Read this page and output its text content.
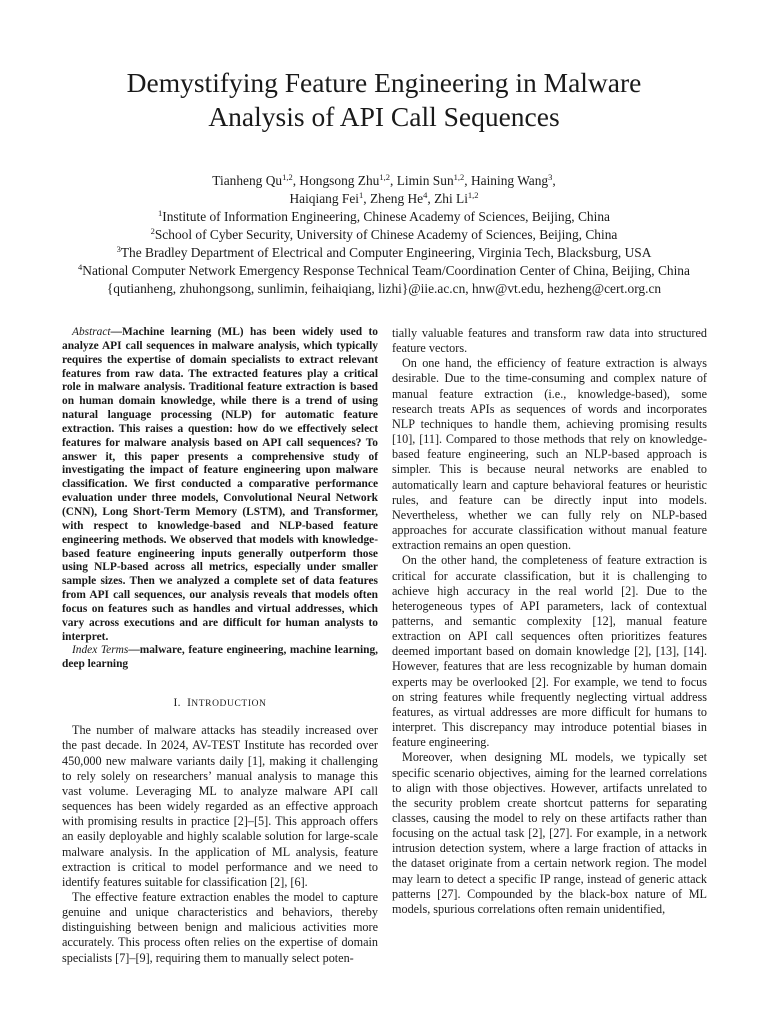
Demystifying Feature Engineering in Malware
Analysis of API Call Sequences
Tianheng Qu$^{1,2}$, Hongsong Zhu$^{1,2}$, Limin Sun$^{1,2}$, Haining Wang$^3$,
Haiqiang Fei$^1$, Zheng He$^4$, Zhi Li$^{1,2}$
$^1$Institute of Information Engineering, Chinese Academy of Sciences, Beijing, China
$^2$School of Cyber Security, University of Chinese Academy of Sciences, Beijing, China
$^3$The Bradley Department of Electrical and Computer Engineering, Virginia Tech, Blacksburg, USA
$^4$National Computer Network Emergency Response Technical Team/Coordination Center of China, Beijing, China
{qutianheng, zhuhongsong, sunlimin, feihaiqiang, lizhi}@iie.ac.cn, hnw@vt.edu, hezheng@cert.org.cn

Abstract—Machine learning (ML) has been widely used to analyze API call sequences in malware analysis, which typically requires the expertise of domain specialists to extract relevant features from raw data. The extracted features play a critical role in malware analysis. Traditional feature extraction is based on human domain knowledge, while there is a trend of using natural language processing (NLP) for automatic feature extraction. This raises a question: how do we effectively select features for malware analysis based on API call sequences? To answer it, this paper presents a comprehensive study of investigating the impact of feature engineering upon malware classification. We first conducted a comparative performance evaluation under three models, Convolutional Neural Network (CNN), Long Short-Term Memory (LSTM), and Transformer, with respect to knowledge-based and NLP-based feature engineering methods. We observed that models with knowledge-based feature engineering inputs generally outperform those using NLP-based across all metrics, especially under smaller sample sizes. Then we analyzed a complete set of data features from API call sequences, our analysis reveals that models often focus on features such as handles and virtual addresses, which vary across executions and are difficult for human analysts to interpret.

Index Terms—malware, feature engineering, machine learning, deep learning

I. INTRODUCTION

The number of malware attacks has steadily increased over the past decade. In 2024, AV-TEST Institute has recorded over 450,000 new malware variants daily [1], making it challenging to rely solely on researchers’ manual analysis to manage this vast volume. Leveraging ML to analyze malware API call sequences has been widely regarded as an effective approach with promising results in practice [2]–[5]. This approach offers an easily deployable and highly scalable solution for large-scale malware analysis. In the application of ML analysis, feature extraction is critical to model performance and we need to identify features suitable for classification [2], [6].

The effective feature extraction enables the model to capture genuine and unique characteristics and behaviors, thereby distinguishing between benign and malicious activities more accurately. This process often relies on the expertise of domain specialists [7]–[9], requiring them to manually select poten-

tially valuable features and transform raw data into structured feature vectors.

On one hand, the efficiency of feature extraction is always desirable. Due to the time-consuming and complex nature of manual feature extraction (i.e., knowledge-based), some research treats APIs as sequences of words and incorporates NLP techniques to handle them, achieving promising results [10], [11]. Compared to those methods that rely on knowledge-based feature engineering, such an NLP-based approach is simpler. This is because neural networks are enabled to automatically learn and capture behavioral features or heuristic rules, and feature can be directly input into models. Nevertheless, whether we can fully rely on NLP-based approaches for accurate classification without manual feature extraction remains an open question.

On the other hand, the completeness of feature extraction is critical for accurate classification, but it is challenging to achieve high accuracy in the real world [2]. Due to the heterogeneous types of API parameters, lack of contextual patterns, and semantic complexity [12], manual feature extraction on API call sequences often prioritizes features deemed important based on domain knowledge [2], [13], [14]. However, features that are less recognizable by human domain experts may be overlooked [2]. For example, we tend to focus on string features while frequently neglecting virtual address features, as virtual addresses are more difficult for humans to interpret. This discrepancy may introduce potential biases in feature engineering.

Moreover, when designing ML models, we typically set specific scenario objectives, aiming for the learned correlations to align with those objectives. However, artifacts unrelated to the security problem create shortcut patterns for separating classes, causing the model to rely on these artifacts rather than focusing on the actual task [2], [27]. For example, in a network intrusion detection system, where a large fraction of attacks in the dataset originate from a certain network region. The model may learn to detect a specific IP range, instead of generic attack patterns [27]. Compounded by the black-box nature of ML models, spurious correlations often remain unidentified,
